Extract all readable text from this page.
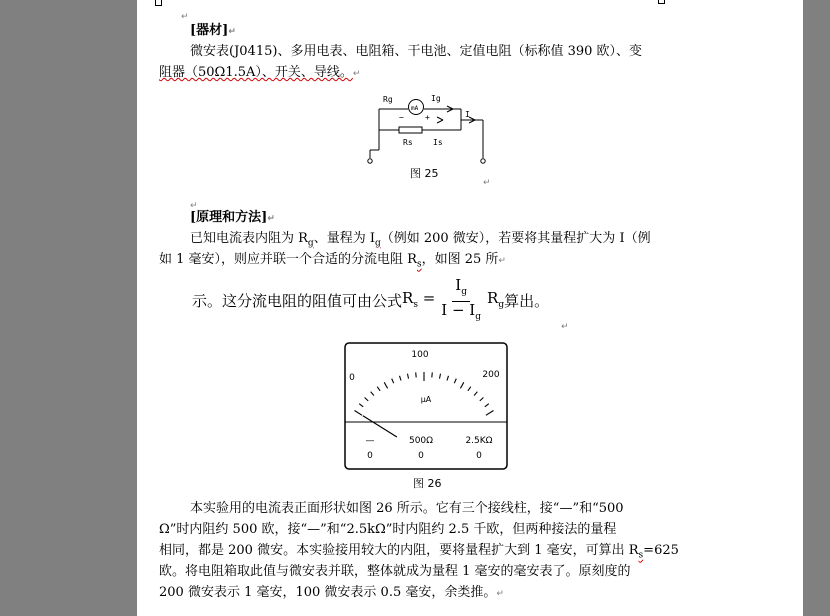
↵
[器材]↵
微安表(J0415)、多用电表、电阻箱、干电池、定值电阻（标称值 390 欧）、变
阻器（50Ω1.5A）、开关、导线。↵
Rg
mA
Ig
−	+	I
Rs	Is
图 25
↵
↵
[原理和方法]↵
已知电流表内阻为 $R_g$、量程为 $I_g$（例如 200 微安），若要将其量程扩大为 I（例
如 1 毫安），则应并联一个合适的分流电阻 $R_s$，如图 25 所↵
示。这分流电阻的阻值可由公式 $R_s = \frac{I_g}{I - I_g} R_g$ 算出。
↵
0
100
200
μA
—
0
500Ω
0
2.5KΩ
0
图 26
本实验用的电流表正面形状如图 26 所示。它有三个接线柱，接“—”和“500
Ω”时内阻约 500 欧，接“—”和“2.5kΩ”时内阻约 2.5 千欧，但两种接法的量程
相同，都是 200 微安。本实验接用较大的内阻，要将量程扩大到 1 毫安，可算出 $R_s=625$
欧。将电阻箱取此值与微安表并联，整体就成为量程 1 毫安的毫安表了。原刻度的
200 微安表示 1 毫安，100 微安表示 0.5 毫安，余类推。↵
